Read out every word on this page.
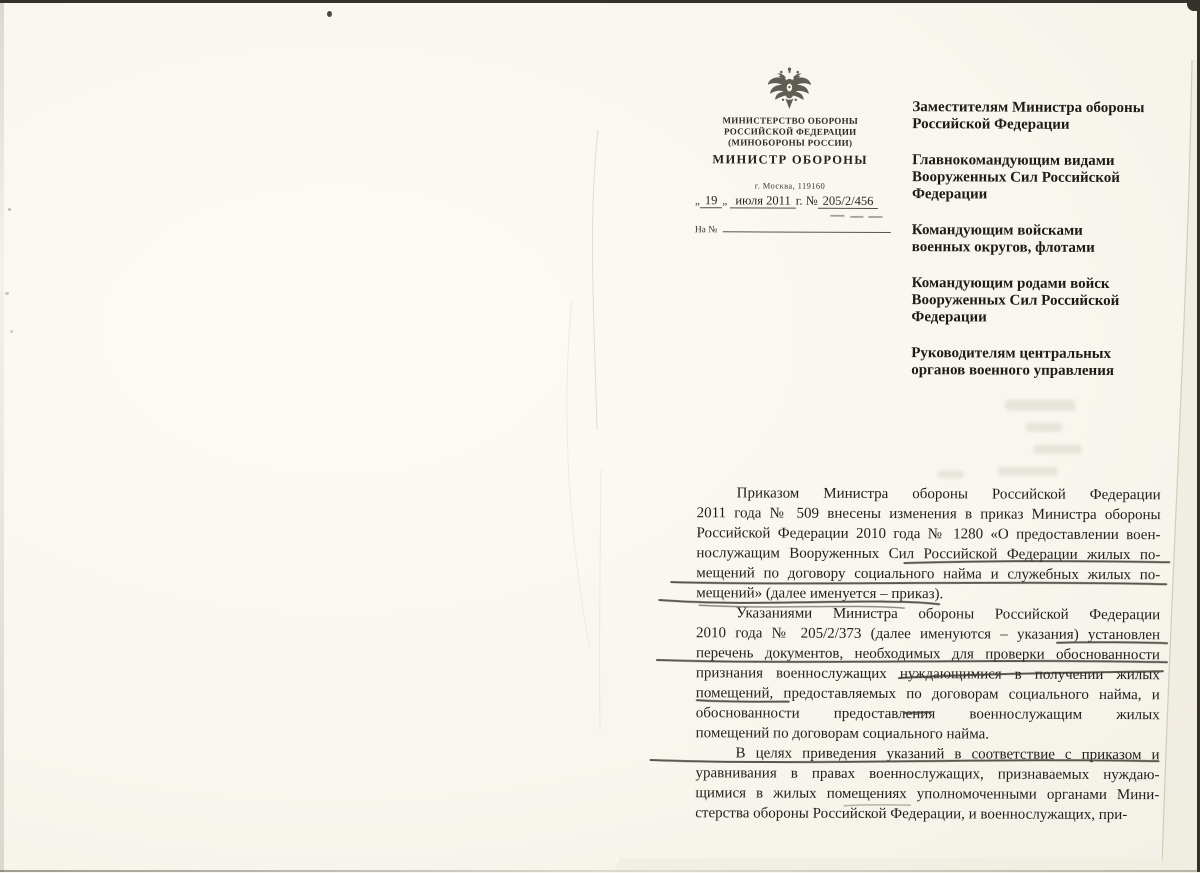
МИНИСТЕРСТВО ОБОРОНЫ
РОССИЙСКОЙ ФЕДЕРАЦИИ
(МИНОБОРОНЫ РОССИИ)
МИНИСТР ОБОРОНЫ
г. Москва, 119160
„ 19 „ июля 2011 г. № 205/2/456
На №
Заместителям Министра обороны
Российской Федерации
Главнокомандующим видами
Вооруженных Сил Российской
Федерации
Командующим войсками
военных округов, флотами
Командующим родами войск
Вооруженных Сил Российской
Федерации
Руководителям центральных
органов военного управления
Приказом Министра обороны Российской Федерации
2011 года № 509 внесены изменения в приказ Министра обороны
Российской Федерации 2010 года № 1280 «О предоставлении воен-
нослужащим Вооруженных Сил Российской Федерации жилых по-
мещений по договору социального найма и служебных жилых по-
мещений» (далее именуется – приказ).
Указаниями Министра обороны Российской Федерации
2010 года № 205/2/373 (далее именуются – указания) установлен
перечень документов, необходимых для проверки обоснованности
признания военнослужащих нуждающимися в получении жилых
помещений, предоставляемых по договорам социального найма, и
обоснованности предоставления военнослужащим жилых
помещений по договорам социального найма.
В целях приведения указаний в соответствие с приказом и
уравнивания в правах военнослужащих, признаваемых нуждаю-
щимися в жилых помещениях уполномоченными органами Мини-
стерства обороны Российской Федерации, и военнослужащих, при-
